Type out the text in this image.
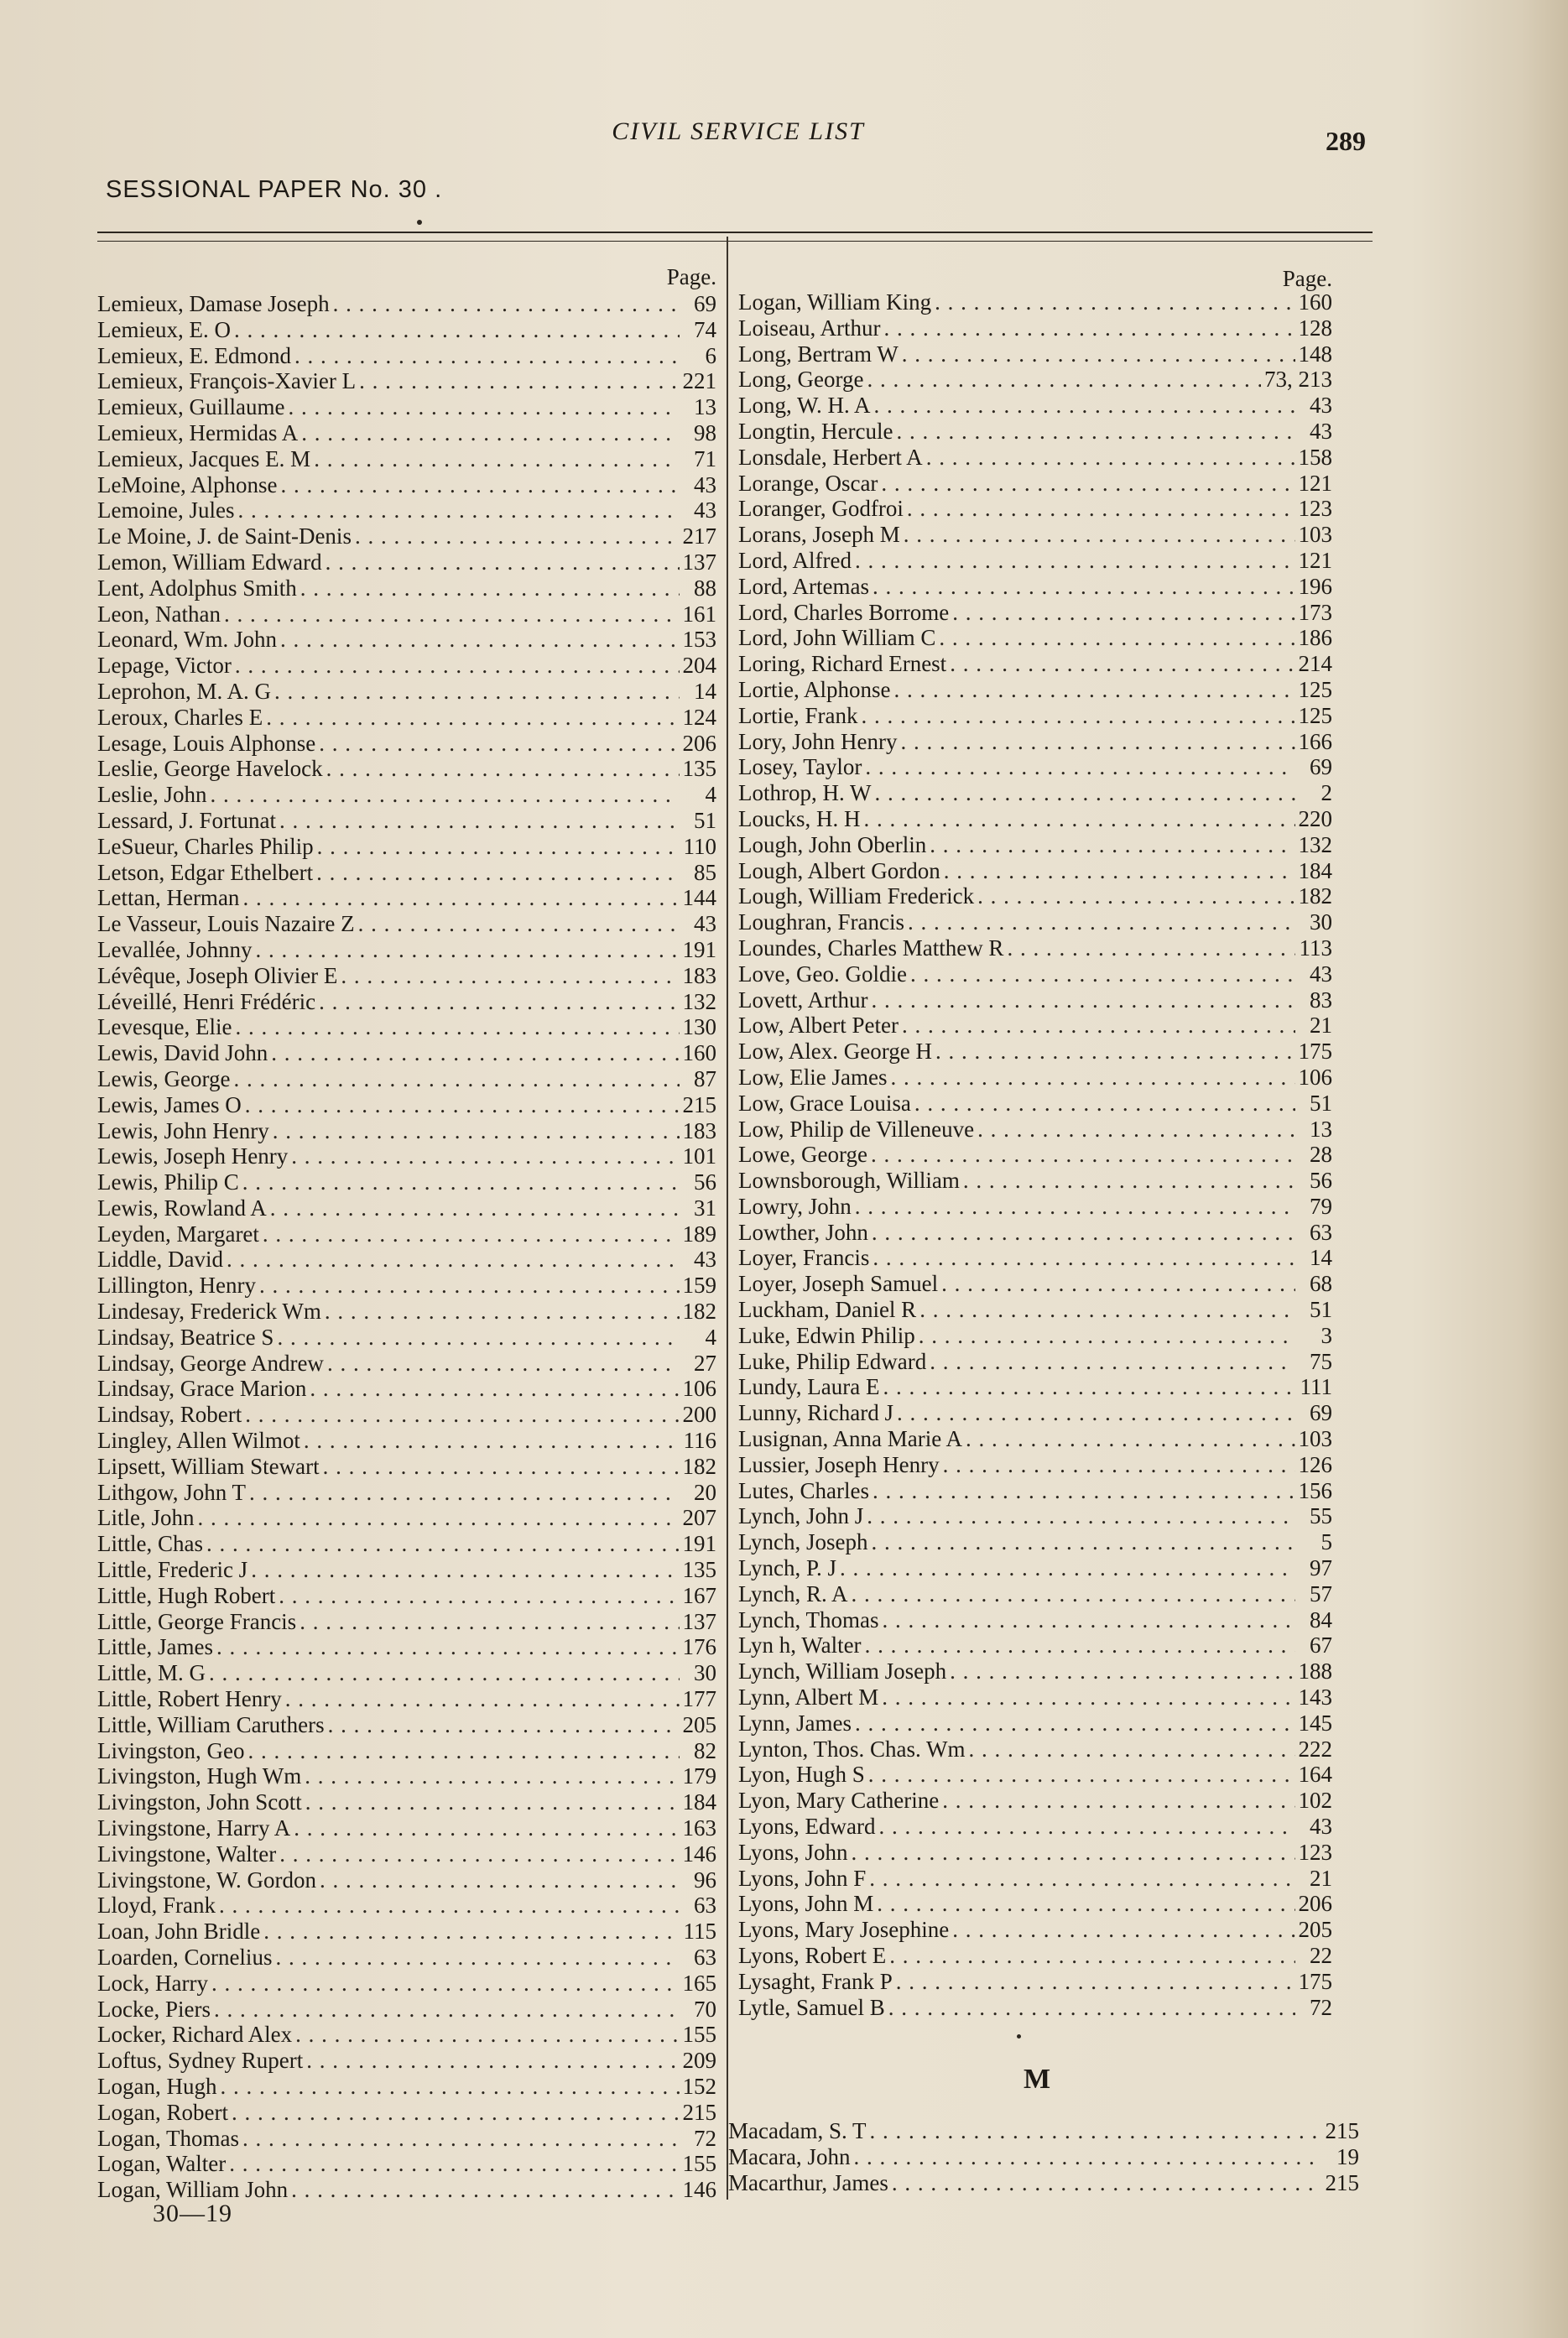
CIVIL SERVICE LIST	289
SESSIONAL PAPER No. 30 .
Page.
Lemieux, Damase Joseph . . .	69
Lemieux, E. O . . .	74
Lemieux, E. Edmond . . .	6
Lemieux, François-Xavier L . . .	221
Lemieux, Guillaume . . .	13
Lemieux, Hermidas A . . .	98
Lemieux, Jacques E. M . . .	71
LeMoine, Alphonse . . .	43
Lemoine, Jules . . .	43
Le Moine, J. de Saint-Denis . . .	217
Lemon, William Edward . . .	137
Lent, Adolphus Smith . . .	88
Leon, Nathan . . .	161
Leonard, Wm. John . . .	153
Lepage, Victor . . .	204
Leprohon, M. A. G . . .	14
Leroux, Charles E . . .	124
Lesage, Louis Alphonse . . .	206
Leslie, George Havelock . . .	135
Leslie, John . . .	4
Lessard, J. Fortunat . . .	51
LeSueur, Charles Philip . . .	110
Letson, Edgar Ethelbert . . .	85
Lettan, Herman . . .	144
Le Vasseur, Louis Nazaire Z . . .	43
Levallée, Johnny . . .	191
Lévêque, Joseph Olivier E . . .	183
Léveillé, Henri Frédéric . . .	132
Levesque, Elie . . .	130
Lewis, David John . . .	160
Lewis, George . . .	87
Lewis, James O . . .	215
Lewis, John Henry . . .	183
Lewis, Joseph Henry . . .	101
Lewis, Philip C . . .	56
Lewis, Rowland A . . .	31
Leyden, Margaret . . .	189
Liddle, David . . .	43
Lillington, Henry . . .	159
Lindesay, Frederick Wm . . .	182
Lindsay, Beatrice S . . .	4
Lindsay, George Andrew . . .	27
Lindsay, Grace Marion . . .	106
Lindsay, Robert . . .	200
Lingley, Allen Wilmot . . .	116
Lipsett, William Stewart . . .	182
Lithgow, John T . . .	20
Litle, John . . .	207
Little, Chas . . .	191
Little, Frederic J . . .	135
Little, Hugh Robert . . .	167
Little, George Francis . . .	137
Little, James . . .	176
Little, M. G . . .	30
Little, Robert Henry . . .	177
Little, William Caruthers . . .	205
Livingston, Geo . . .	82
Livingston, Hugh Wm . . .	179
Livingston, John Scott . . .	184
Livingstone, Harry A . . .	163
Livingstone, Walter . . .	146
Livingstone, W. Gordon . . .	96
Lloyd, Frank . . .	63
Loan, John Bridle . . .	115
Loarden, Cornelius . . .	63
Lock, Harry . . .	165
Locke, Piers . . .	70
Locker, Richard Alex . . .	155
Loftus, Sydney Rupert . . .	209
Logan, Hugh . . .	152
Logan, Robert . . .	215
Logan, Thomas . . .	72
Logan, Walter . . .	155
Logan, William John . . .	146
Page.
Logan, William King . . .	160
Loiseau, Arthur . . .	128
Long, Bertram W . . .	148
Long, George . . .	73, 213
Long, W. H. A . . .	43
Longtin, Hercule . . .	43
Lonsdale, Herbert A . . .	158
Lorange, Oscar . . .	121
Loranger, Godfroi . . .	123
Lorans, Joseph M . . .	103
Lord, Alfred . . .	121
Lord, Artemas . . .	196
Lord, Charles Borrome . . .	173
Lord, John William C . . .	186
Loring, Richard Ernest . . .	214
Lortie, Alphonse . . .	125
Lortie, Frank . . .	125
Lory, John Henry . . .	166
Losey, Taylor . . .	69
Lothrop, H. W . . .	2
Loucks, H. H . . .	220
Lough, John Oberlin . . .	132
Lough, Albert Gordon . . .	184
Lough, William Frederick . . .	182
Loughran, Francis . . .	30
Loundes, Charles Matthew R . . .	113
Love, Geo. Goldie . . .	43
Lovett, Arthur . . .	83
Low, Albert Peter . . .	21
Low, Alex. George H . . .	175
Low, Elie James . . .	106
Low, Grace Louisa . . .	51
Low, Philip de Villeneuve . . .	13
Lowe, George . . .	28
Lownsborough, William . . .	56
Lowry, John . . .	79
Lowther, John . . .	63
Loyer, Francis . . .	14
Loyer, Joseph Samuel . . .	68
Luckham, Daniel R . . .	51
Luke, Edwin Philip . . .	3
Luke, Philip Edward . . .	75
Lundy, Laura E . . .	111
Lunny, Richard J . . .	69
Lusignan, Anna Marie A . . .	103
Lussier, Joseph Henry . . .	126
Lutes, Charles . . .	156
Lynch, John J . . .	55
Lynch, Joseph . . .	5
Lynch, P. J . . .	97
Lynch, R. A . . .	57
Lynch, Thomas . . .	84
Lyn h, Walter . . .	67
Lynch, William Joseph . . .	188
Lynn, Albert M . . .	143
Lynn, James . . .	145
Lynton, Thos. Chas. Wm . . .	222
Lyon, Hugh S . . .	164
Lyon, Mary Catherine . . .	102
Lyons, Edward . . .	43
Lyons, John . . .	123
Lyons, John F . . .	21
Lyons, John M . . .	206
Lyons, Mary Josephine . . .	205
Lyons, Robert E . . .	22
Lysaght, Frank P . . .	175
Lytle, Samuel B . . .	72
M
Macadam, S. T . . .	215
Macara, John . . .	19
Macarthur, James . . .	215
30—19
